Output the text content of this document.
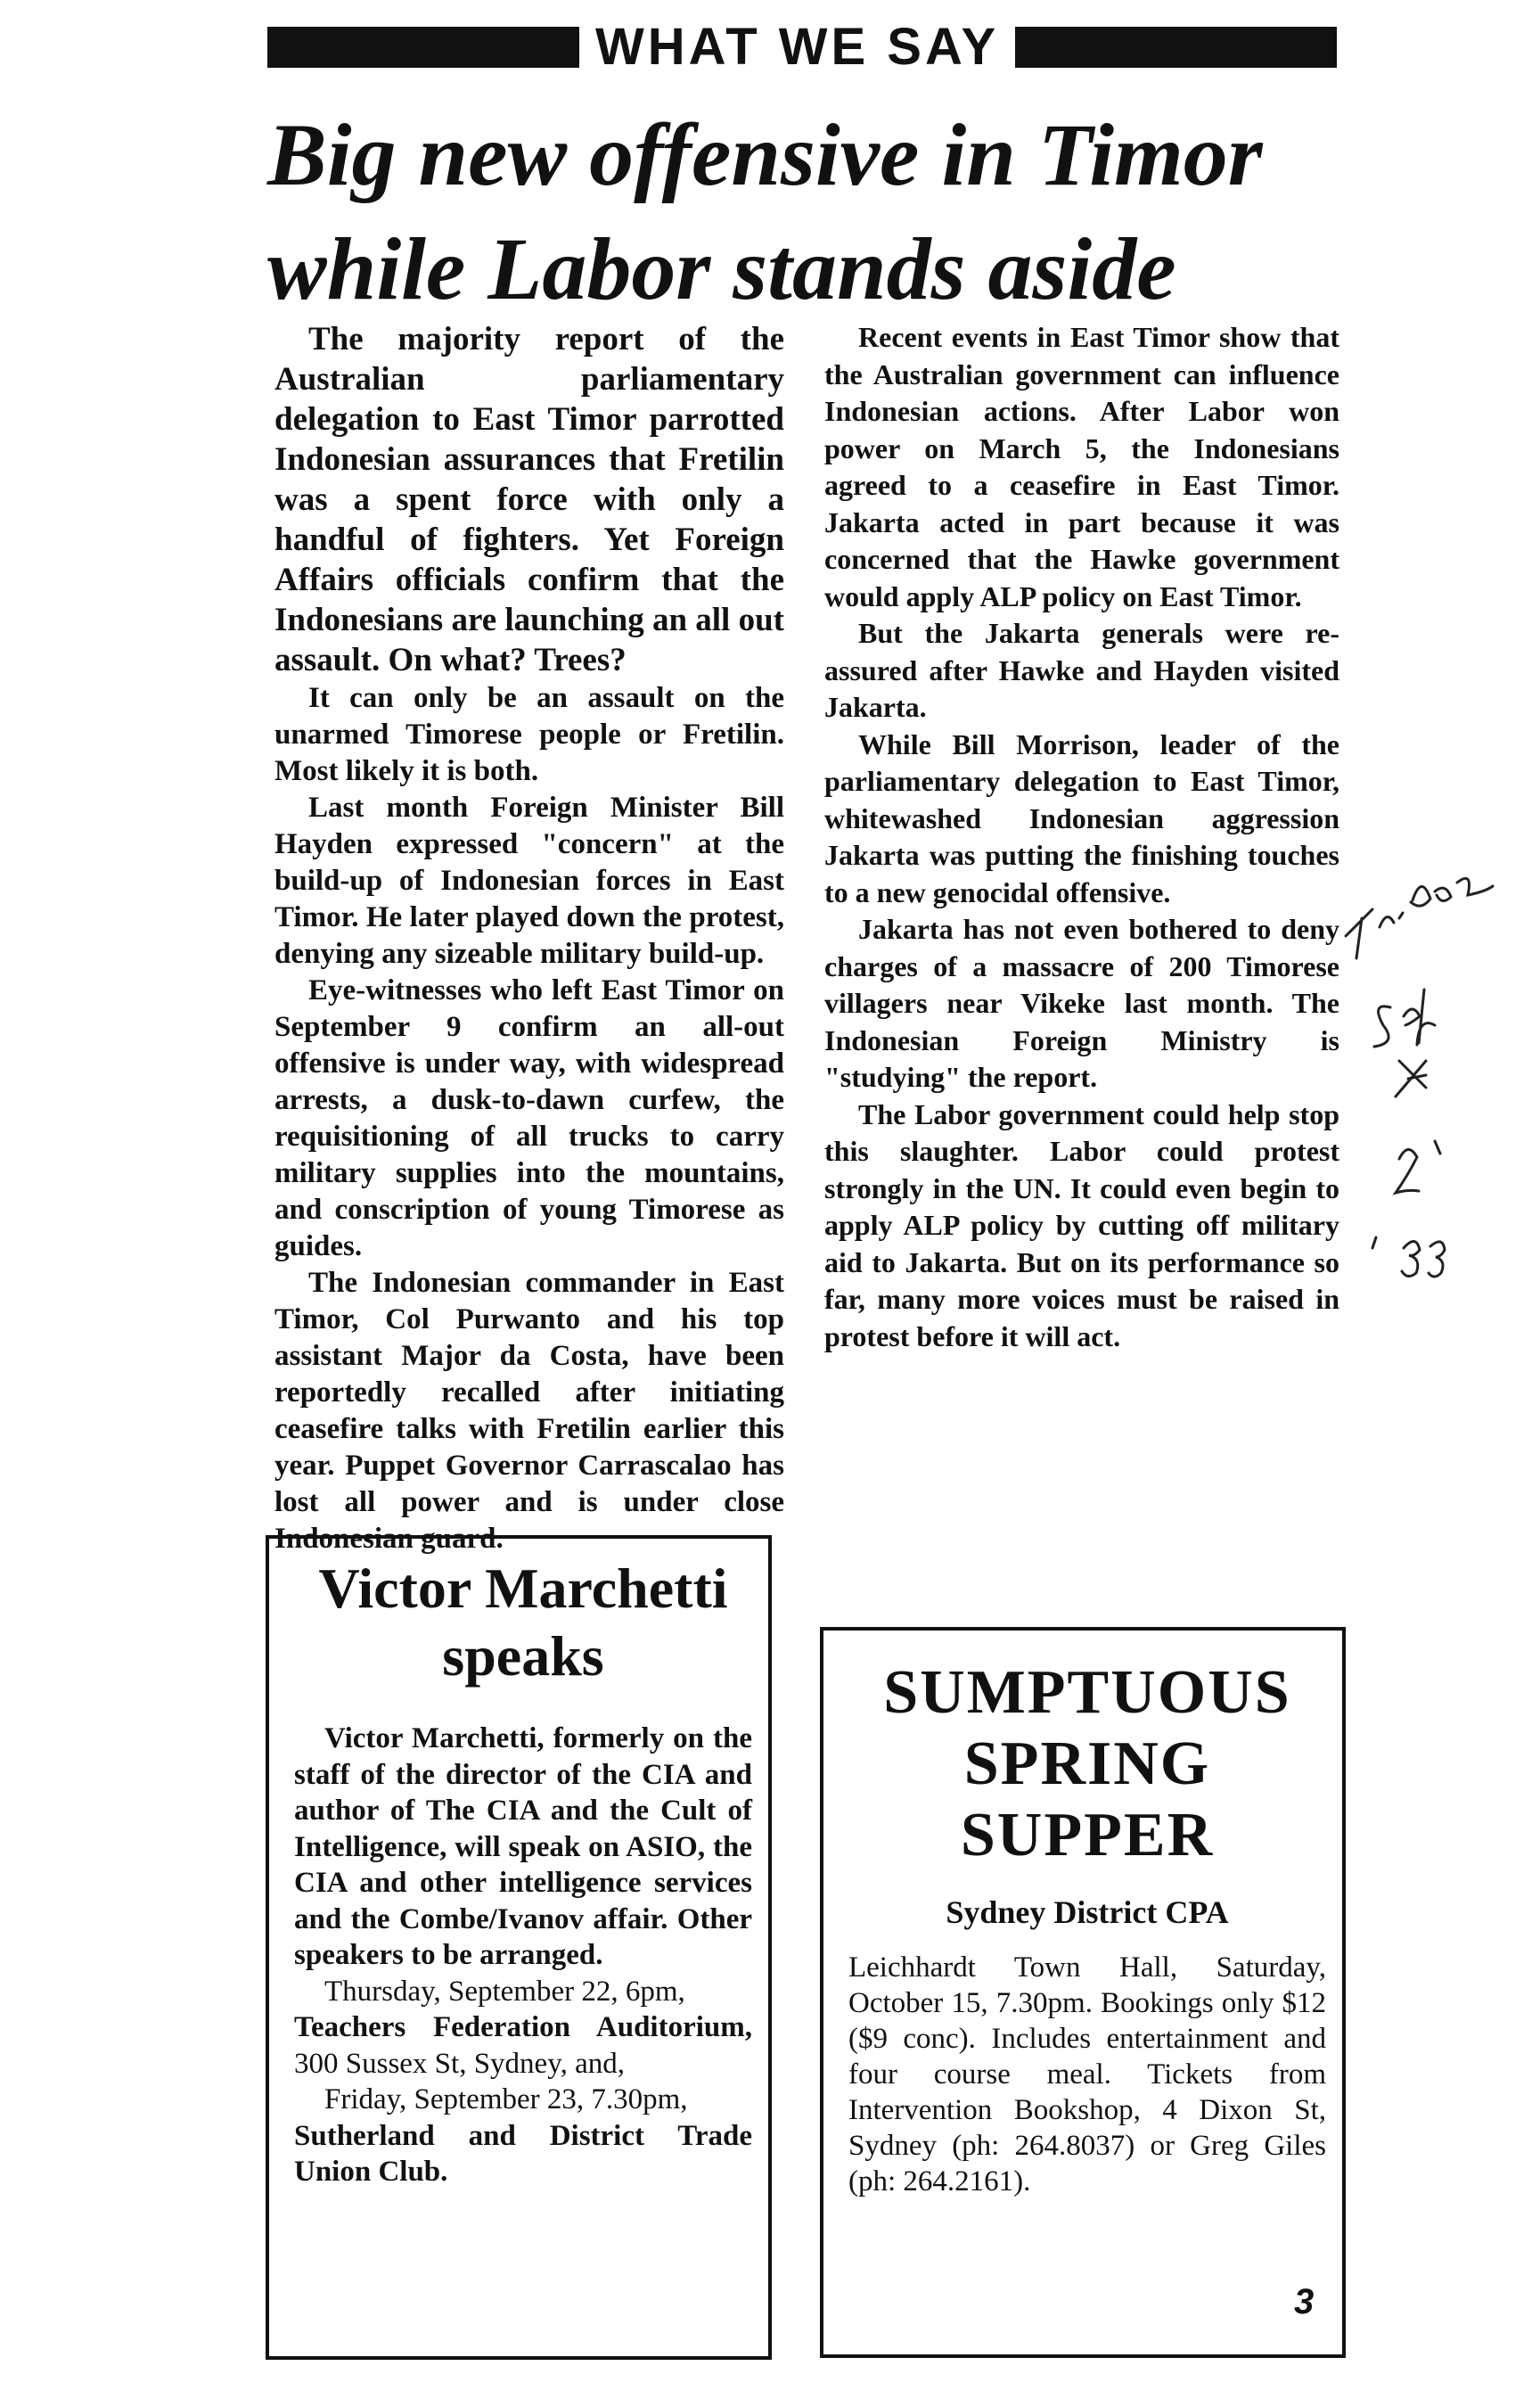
WHAT WE SAY
Big new offensive in Timor
while Labor stands aside

The majority report of the Australian parliamentary delegation to East Timor parrotted Indonesian assurances that Fretilin was a spent force with only a handful of fighters. Yet Foreign Affairs officials confirm that the Indonesians are launching an all out assault. On what? Trees?

It can only be an assault on the unarmed Timorese people or Fretilin. Most likely it is both.

Last month Foreign Minister Bill Hayden expressed "concern" at the build-up of Indonesian forces in East Timor. He later played down the protest, denying any sizeable military build-up.

Eye-witnesses who left East Timor on September 9 confirm an all-out offensive is under way, with widespread arrests, a dusk-to-dawn curfew, the requisitioning of all trucks to carry military supplies into the mountains, and conscription of young Timorese as guides.

The Indonesian commander in East Timor, Col Purwanto and his top assistant Major da Costa, have been reportedly recalled after initiating ceasefire talks with Fretilin earlier this year. Puppet Governor Carrascalao has lost all power and is under close Indonesian guard.

Recent events in East Timor show that the Australian government can influence Indonesian actions. After Labor won power on March 5, the Indonesians agreed to a ceasefire in East Timor. Jakarta acted in part because it was concerned that the Hawke government would apply ALP policy on East Timor.

But the Jakarta generals were re-assured after Hawke and Hayden visited Jakarta.

While Bill Morrison, leader of the parliamentary delegation to East Timor, whitewashed Indonesian aggression Jakarta was putting the finishing touches to a new genocidal offensive.

Jakarta has not even bothered to deny charges of a massacre of 200 Timorese villagers near Vikeke last month. The Indonesian Foreign Ministry is "studying" the report.

The Labor government could help stop this slaughter. Labor could protest strongly in the UN. It could even begin to apply ALP policy by cutting off military aid to Jakarta. But on its performance so far, many more voices must be raised in protest before it will act.

Victor Marchetti speaks

Victor Marchetti, formerly on the staff of the director of the CIA and author of The CIA and the Cult of Intelligence, will speak on ASIO, the CIA and other intelligence services and the Combe/Ivanov affair. Other speakers to be arranged.

Thursday, September 22, 6pm,

Teachers Federation Auditorium, 300 Sussex St, Sydney, and,

Friday, September 23, 7.30pm,

Sutherland and District Trade Union Club.

SUMPTUOUS SPRING SUPPER
Sydney District CPA

Leichhardt Town Hall, Saturday, October 15, 7.30pm. Bookings only $12 ($9 conc). Includes entertainment and four course meal. Tickets from Intervention Bookshop, 4 Dixon St, Sydney (ph: 264.8037) or Greg Giles (ph: 264.2161).

3
